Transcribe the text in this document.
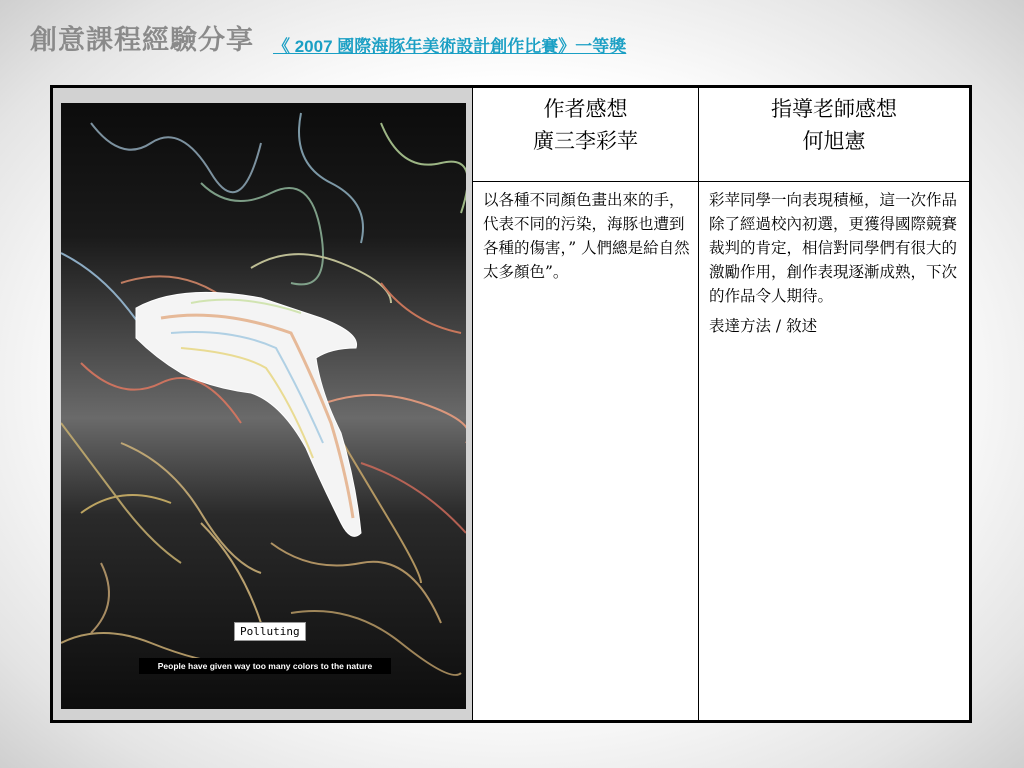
創意課程經驗分享 《 2007 國際海豚年美術設計創作比賽》一等獎
Polluting
People have given way too many colors to the nature
作者感想
廣三李彩苹

以各種不同顏色畫出來的手，代表不同的污染，海豚也遭到各種的傷害，” 人們總是給自然太多顏色”。

指導老師感想
何旭憲

彩苹同學一向表現積極，這一次作品除了經過校內初選，更獲得國際競賽裁判的肯定，相信對同學們有很大的激勵作用，創作表現逐漸成熟，下次的作品令人期待。

表達方法 / 敘述
